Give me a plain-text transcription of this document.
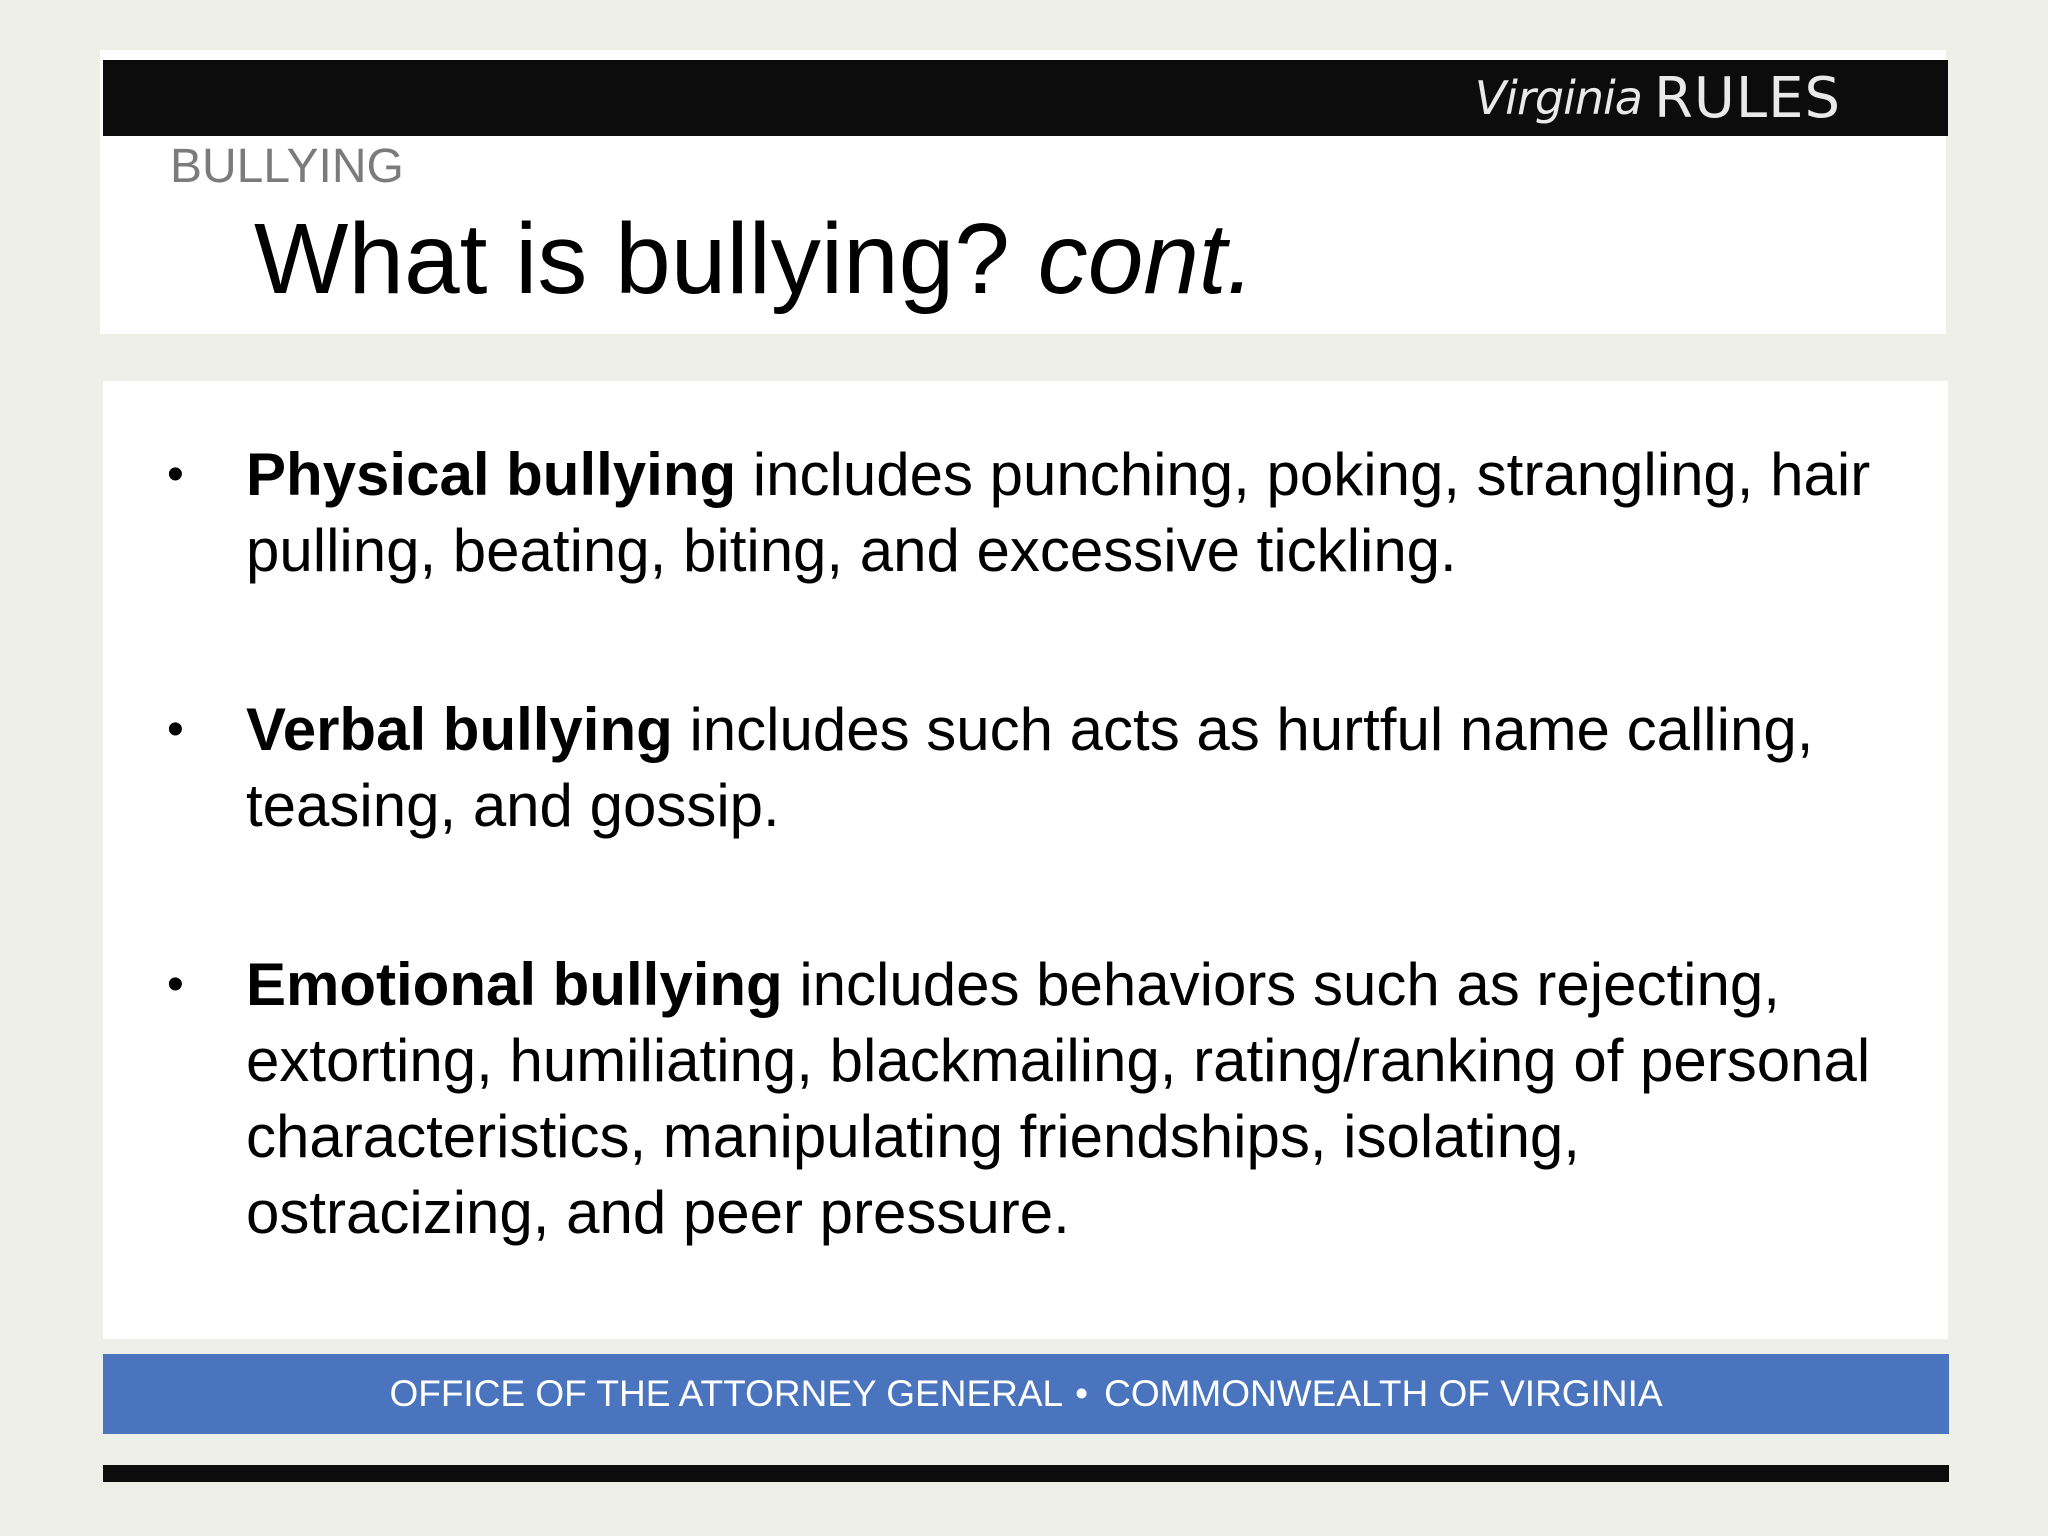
Virginia RULES
BULLYING
What is bullying? cont.
• Physical bullying includes punching, poking, strangling, hair pulling, beating, biting, and excessive tickling.
• Verbal bullying includes such acts as hurtful name calling, teasing, and gossip.
• Emotional bullying includes behaviors such as rejecting, extorting, humiliating, blackmailing, rating/ranking of personal characteristics, manipulating friendships, isolating, ostracizing, and peer pressure.
OFFICE OF THE ATTORNEY GENERAL • COMMONWEALTH OF VIRGINIA
